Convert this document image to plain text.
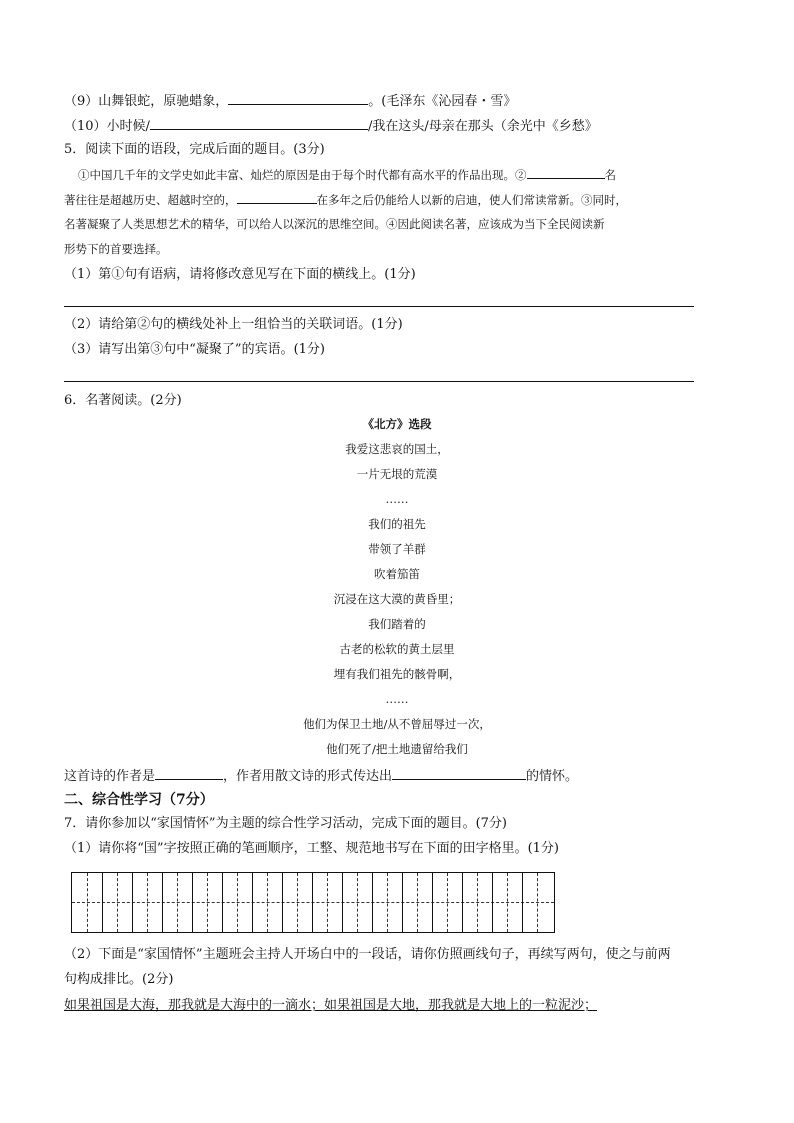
（9）山舞银蛇，原驰蜡象，	。(毛泽东《沁园春・雪》
（10）小时候/	/我在这头/母亲在那头（余光中《乡愁》
5．阅读下面的语段，完成后面的题目。(3分)
①中国几千年的文学史如此丰富、灿烂的原因是由于每个时代都有高水平的作品出现。②	名
著往往是超越历史、超越时空的，	在多年之后仍能给人以新的启迪，使人们常读常新。③同时，
名著凝聚了人类思想艺术的精华，可以给人以深沉的思维空间。④因此阅读名著，应该成为当下全民阅读新
形势下的首要选择。
（1）第①句有语病，请将修改意见写在下面的横线上。(1分)
（2）请给第②句的横线处补上一组恰当的关联词语。(1分)
（3）请写出第③句中“凝聚了”的宾语。(1分)
6．名著阅读。(2分)
《北方》选段
我爱这悲哀的国土，
一片无垠的荒漠
……
我们的祖先
带领了羊群
吹着笳笛
沉浸在这大漠的黄昏里；
我们踏着的
古老的松软的黄土层里
埋有我们祖先的骸骨啊，
……
他们为保卫土地/从不曾屈辱过一次，
他们死了/把土地遗留给我们
这首诗的作者是	，作者用散文诗的形式传达出	的情怀。
二、综合性学习（7分）
7．请你参加以“家国情怀”为主题的综合性学习活动，完成下面的题目。(7分)
（1）请你将“国”字按照正确的笔画顺序，工整、规范地书写在下面的田字格里。(1分)
（2）下面是“家国情怀”主题班会主持人开场白中的一段话，请你仿照画线句子，再续写两句，使之与前两
句构成排比。(2分)
如果祖国是大海，那我就是大海中的一滴水；如果祖国是大地，那我就是大地上的一粒泥沙；
